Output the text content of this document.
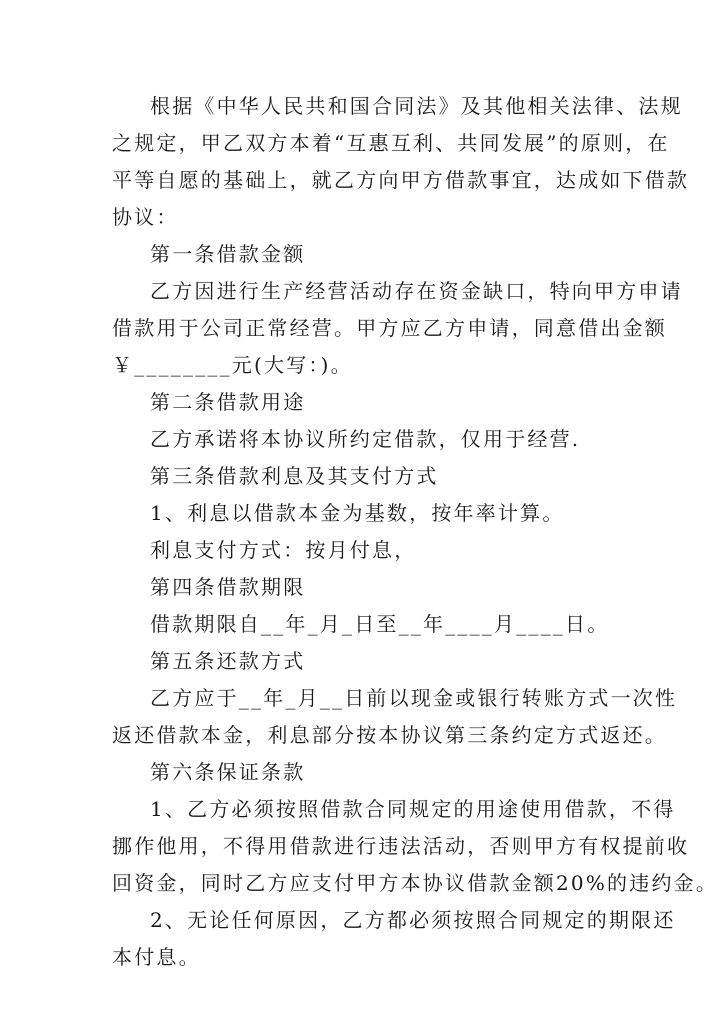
根据《中华人民共和国合同法》及其他相关法律、法规
之规定，甲乙双方本着“互惠互利、共同发展”的原则，在
平等自愿的基础上，就乙方向甲方借款事宜，达成如下借款
协议：
第一条借款金额
乙方因进行生产经营活动存在资金缺口，特向甲方申请
借款用于公司正常经营。甲方应乙方申请，同意借出金额
￥________元(大写：)。
第二条借款用途
乙方承诺将本协议所约定借款，仅用于经营.
第三条借款利息及其支付方式
1、利息以借款本金为基数，按年率计算。
利息支付方式：按月付息，
第四条借款期限
借款期限自__年_月_日至__年____月____日。
第五条还款方式
乙方应于__年_月__日前以现金或银行转账方式一次性
返还借款本金，利息部分按本协议第三条约定方式返还。
第六条保证条款
1、乙方必须按照借款合同规定的用途使用借款，不得
挪作他用，不得用借款进行违法活动，否则甲方有权提前收
回资金，同时乙方应支付甲方本协议借款金额20%的违约金。
2、无论任何原因，乙方都必须按照合同规定的期限还
本付息。
